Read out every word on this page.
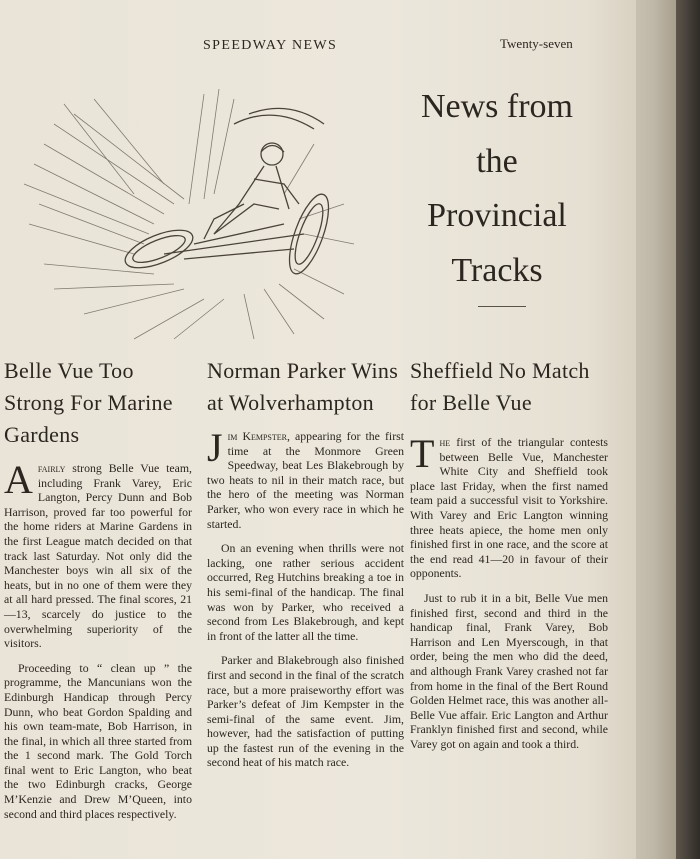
SPEEDWAY NEWS	Twenty-seven
News from
the
Provincial
Tracks
Belle Vue Too Strong For Marine Gardens

Afairly strong Belle Vue team, including Frank Varey, Eric Langton, Percy Dunn and Bob Harrison, proved far too powerful for the home riders at Marine Gardens in the first League match decided on that track last Saturday. Not only did the Manchester boys win all six of the heats, but in no one of them were they at all hard pressed. The final scores, 21—13, scarcely do justice to the overwhelming superiority of the visitors.

Proceeding to “ clean up ” the programme, the Mancunians won the Edinburgh Handicap through Percy Dunn, who beat Gordon Spalding and his own team-mate, Bob Harrison, in the final, in which all three started from the 1 second mark. The Gold Torch final went to Eric Langton, who beat the two Edinburgh cracks, George M’Kenzie and Drew M’Queen, into second and third places respectively.

Norman Parker Wins at Wolverhampton

Jim Kempster, appearing for the first time at the Monmore Green Speedway, beat Les Blakebrough by two heats to nil in their match race, but the hero of the meeting was Norman Parker, who won every race in which he started.

On an evening when thrills were not lacking, one rather serious accident occurred, Reg Hutchins breaking a toe in his semi-final of the handicap. The final was won by Parker, who received a second from Les Blakebrough, and kept in front of the latter all the time.

Parker and Blakebrough also finished first and second in the final of the scratch race, but a more praiseworthy effort was Parker’s defeat of Jim Kempster in the semi-final of the same event. Jim, however, had the satisfaction of putting up the fastest run of the evening in the second heat of his match race.

Sheffield No Match for Belle Vue

The first of the triangular contests between Belle Vue, Manchester White City and Sheffield took place last Friday, when the first named team paid a successful visit to Yorkshire. With Varey and Eric Langton winning three heats apiece, the home men only finished first in one race, and the score at the end read 41—20 in favour of their opponents.

Just to rub it in a bit, Belle Vue men finished first, second and third in the handicap final, Frank Varey, Bob Harrison and Len Myerscough, in that order, being the men who did the deed, and although Frank Varey crashed not far from home in the final of the Bert Round Golden Helmet race, this was another all-Belle Vue affair. Eric Langton and Arthur Franklyn finished first and second, while Varey got on again and took a third.
